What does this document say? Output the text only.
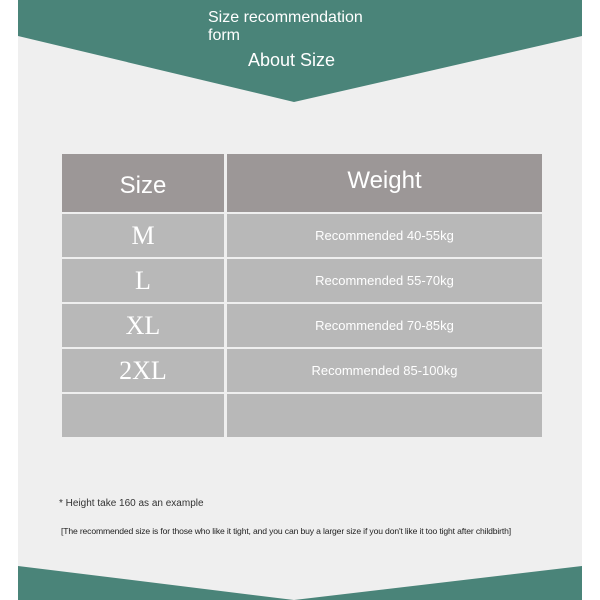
Size recommendation form
About Size
Size	Weight
M	Recommended 40-55kg
L	Recommended 55-70kg
XL	Recommended 70-85kg
2XL	Recommended 85-100kg
* Height take 160 as an example
[The recommended size is for those who like it tight, and you can buy a larger size if you don't like it too tight after childbirth]
